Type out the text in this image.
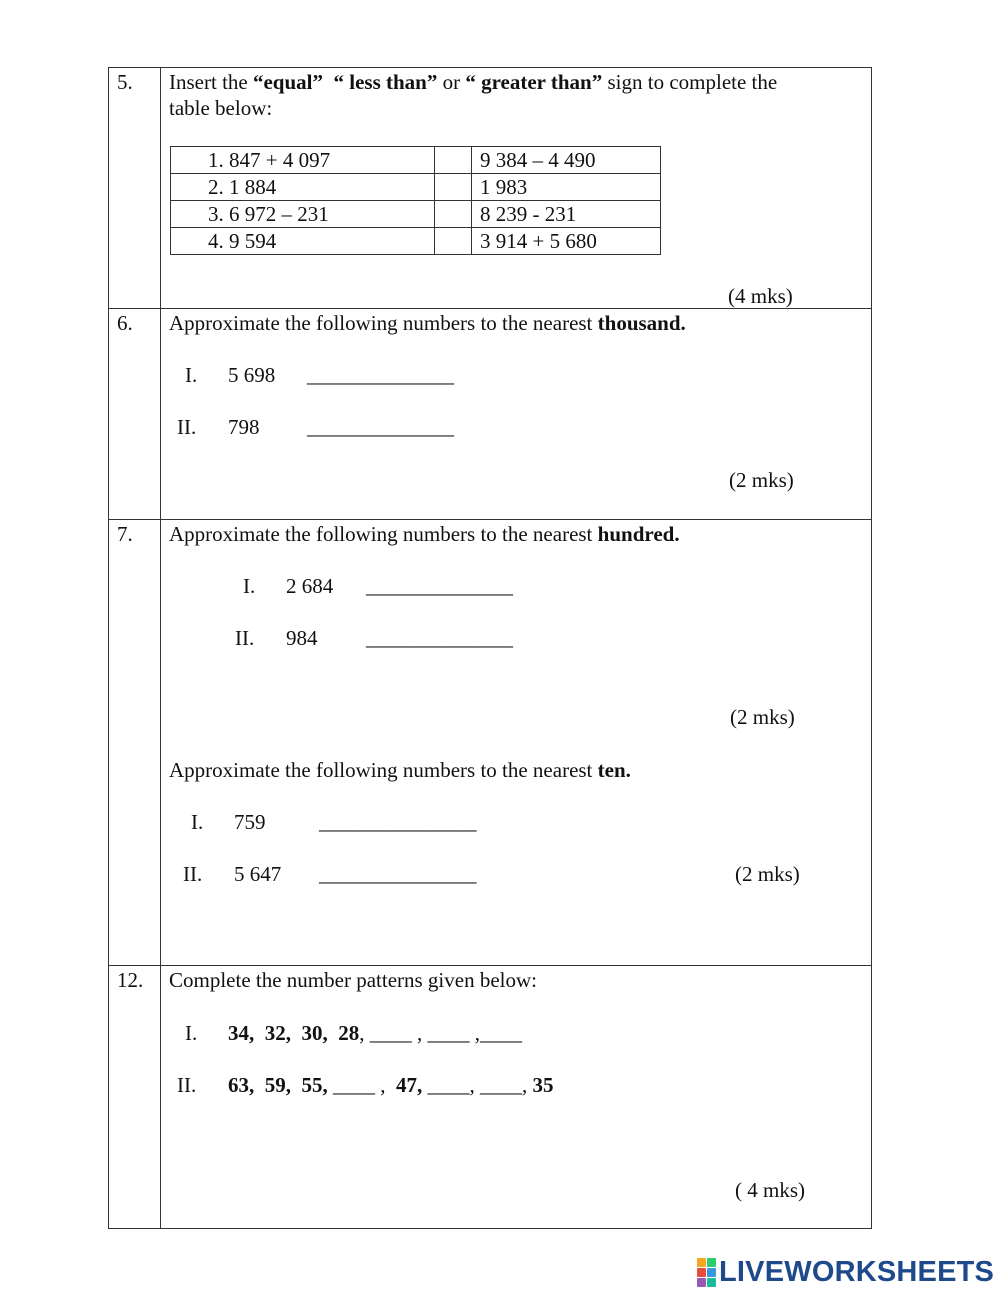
5. Insert the “equal” “ less than” or “ greater than” sign to complete the
table below:
1. 847 + 4 097		9 384 – 4 490
2. 1 884		1 983
3. 6 972 – 231		8 239 - 231
4. 9 594		3 914 + 5 680
(4 mks)
6. Approximate the following numbers to the nearest thousand.
I. 5 698 ______________
II. 798 ______________
(2 mks)
7. Approximate the following numbers to the nearest hundred.
I. 2 684 ______________
II. 984 ______________
(2 mks)
Approximate the following numbers to the nearest ten.
I. 759	_______________
II. 5 647 _______________	(2 mks)
12. Complete the number patterns given below:
I. 34,  32,  30,  28, ____ , ____ ,____
II. 63,  59,  55, ____ ,  47, ____, ____, 35
( 4 mks)
LIVEWORKSHEETS
